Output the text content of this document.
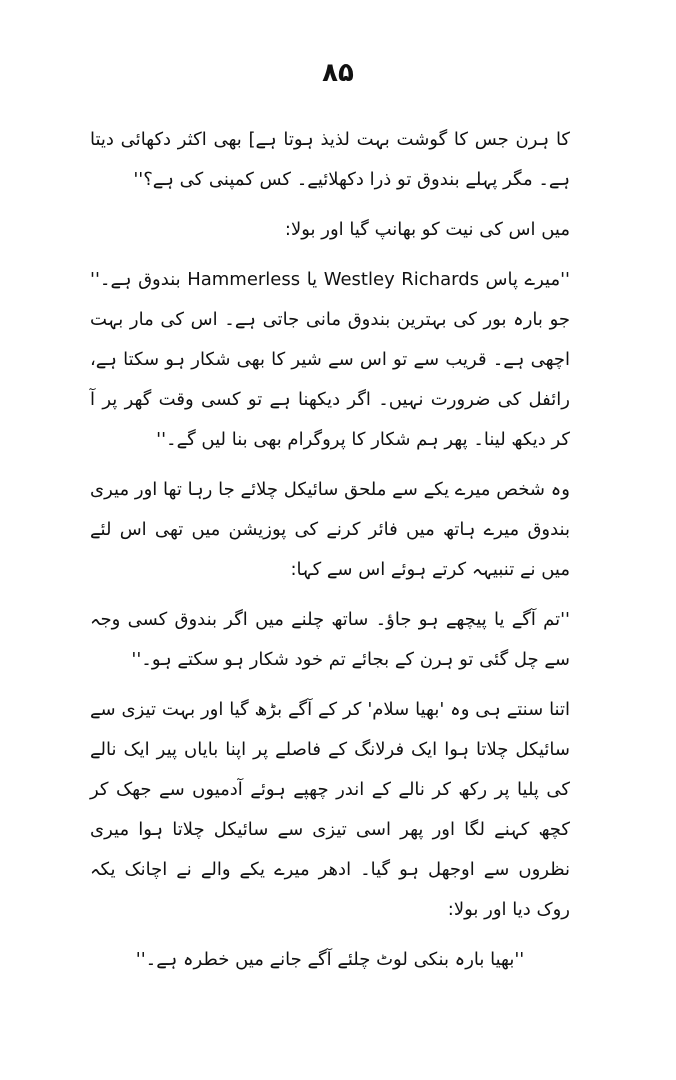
۸۵

کا ہرن جس کا گوشت بہت لذیذ ہوتا ہے] بھی اکثر دکھائی دیتا ہے۔ مگر پہلے بندوق تو ذرا دکھلائیے۔ کس کمپنی کی ہے؟''

میں اس کی نیت کو بھانپ گیا اور بولا:

''میرے پاس Westley Richards یا Hammerless بندوق ہے۔'' جو بارہ بور کی بہترین بندوق مانی جاتی ہے۔ اس کی مار بہت اچھی ہے۔ قریب سے تو اس سے شیر کا بھی شکار ہو سکتا ہے، رائفل کی ضرورت نہیں۔ اگر دیکھنا ہے تو کسی وقت گھر پر آ کر دیکھ لینا۔ پھر ہم شکار کا پروگرام بھی بنا لیں گے۔''

وہ شخص میرے یکے سے ملحق سائیکل چلائے جا رہا تھا اور میری بندوق میرے ہاتھ میں فائر کرنے کی پوزیشن میں تھی اس لئے میں نے تنبیہہ کرتے ہوئے اس سے کہا:

''تم آگے یا پیچھے ہو جاؤ۔ ساتھ چلنے میں اگر بندوق کسی وجہ سے چل گئی تو ہرن کے بجائے تم خود شکار ہو سکتے ہو۔''

اتنا سنتے ہی وہ 'بھیا سلام' کر کے آگے بڑھ گیا اور بہت تیزی سے سائیکل چلاتا ہوا ایک فرلانگ کے فاصلے پر اپنا بایاں پیر ایک نالے کی پلیا پر رکھ کر نالے کے اندر چھپے ہوئے آدمیوں سے جھک کر کچھ کہنے لگا اور پھر اسی تیزی سے سائیکل چلاتا ہوا میری نظروں سے اوجھل ہو گیا۔ ادھر میرے یکے والے نے اچانک یکہ روک دیا اور بولا:

''بھیا بارہ بنکی لوٹ چلئے آگے جانے میں خطرہ ہے۔''
